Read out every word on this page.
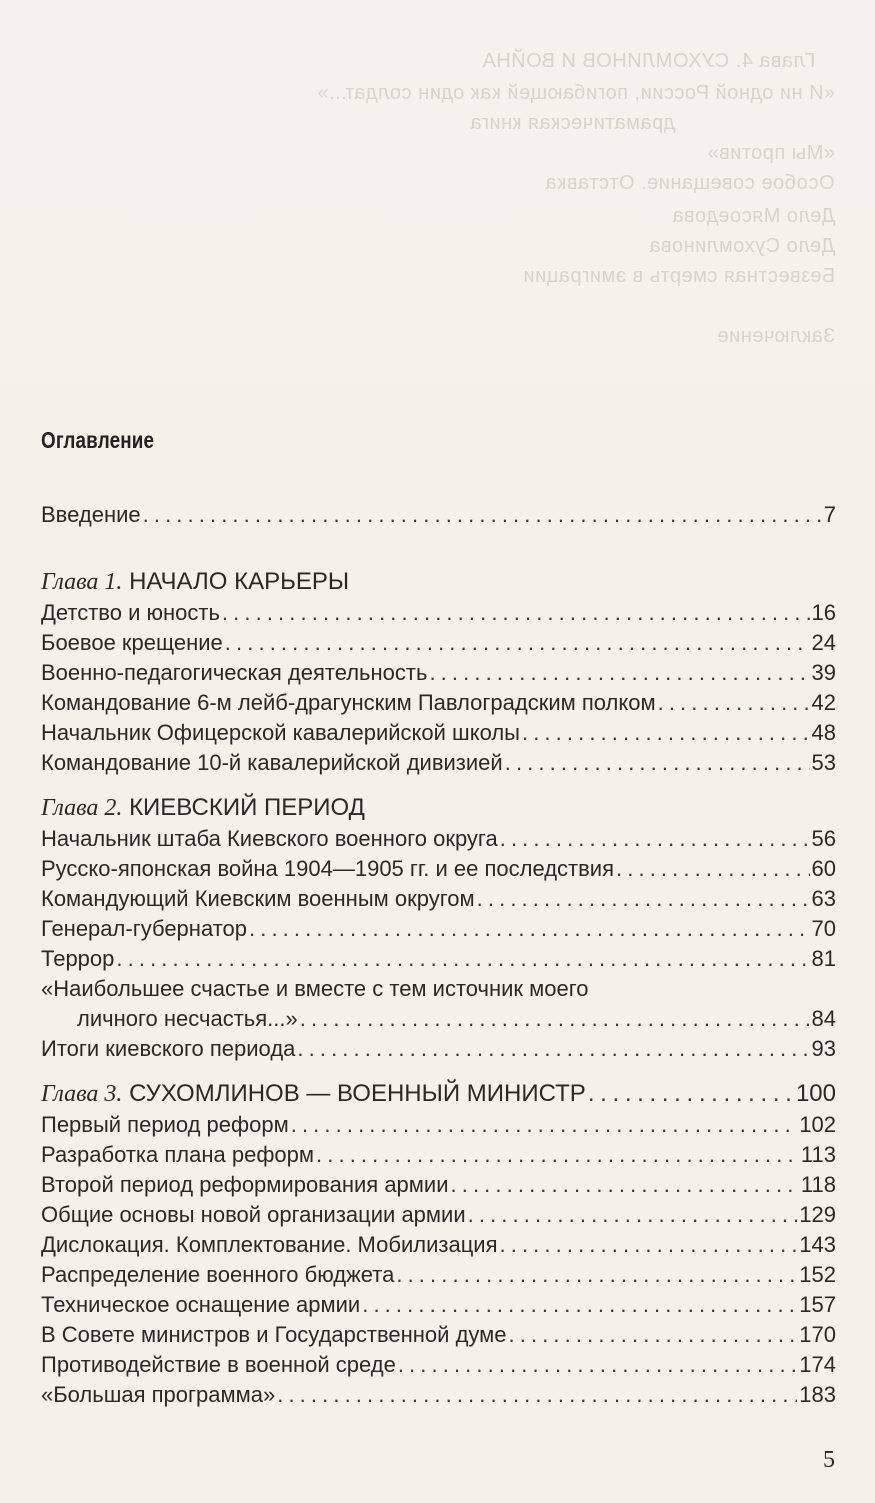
Глава 4. СУХОМЛИНОВ И ВОЙНА
«И ни одной России, погибающей как один солдат...»
драматическая книга
«Мы против»
Особое совещание. Отставка
Дело Мясоедова
Дело Сухомлинова
Безвестная смерть в эмиграции
Заключение
Оглавление
Введение . . .	7
Глава 1. НАЧАЛО КАРЬЕРЫ
Детство и юность . . .	16
Боевое крещение . . .	24
Военно-педагогическая деятельность . . .	39
Командование 6-м лейб-драгунским Павлоградским полком . . .	42
Начальник Офицерской кавалерийской школы . . .	48
Командование 10-й кавалерийской дивизией . . .	53
Глава 2. КИЕВСКИЙ ПЕРИОД
Начальник штаба Киевского военного округа . . .	56
Русско-японская война 1904—1905 гг. и ее последствия . . .	60
Командующий Киевским военным округом . . .	63
Генерал-губернатор . . .	70
Террор . . .	81
«Наибольшее счастье и вместе с тем источник моего
личного несчастья...» . . .	84
Итоги киевского периода . . .	93
Глава 3. СУХОМЛИНОВ — ВОЕННЫЙ МИНИСТР . . .	100
Первый период реформ . . .	102
Разработка плана реформ . . .	113
Второй период реформирования армии . . .	118
Общие основы новой организации армии . . .	129
Дислокация. Комплектование. Мобилизация . . .	143
Распределение военного бюджета . . .	152
Техническое оснащение армии . . .	157
В Совете министров и Государственной думе . . .	170
Противодействие в военной среде . . .	174
«Большая программа» . . .	183
5
